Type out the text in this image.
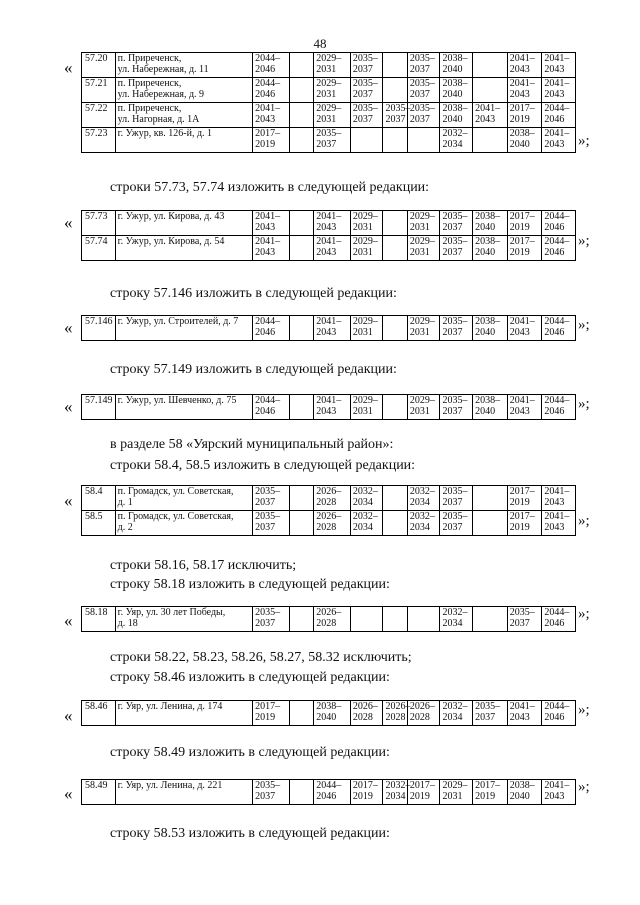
48
« 57.20	п. Приреченск,
ул. Набережная, д. 11	2044–
2046		2029–
2031	2035–
2037		2035–
2037	2038–
2040		2041–
2043	2041–
2043
57.21	п. Приреченск,
ул. Набережная, д. 9	2044–
2046		2029–
2031	2035–
2037		2035–
2037	2038–
2040		2041–
2043	2041–
2043
57.22	п. Приреченск,
ул. Нагорная, д. 1А	2041–
2043		2029–
2031	2035–
2037	2035–
2037	2035–
2037	2038–
2040	2041–
2043	2017–
2019	2044–
2046
57.23	г. Ужур, кв. 126-й, д. 1	2017–
2019		2035–
2037				2032–
2034		2038–
2040	2041–
2043 »;
строки 57.73, 57.74 изложить в следующей редакции:
« 57.73	г. Ужур, ул. Кирова, д. 43	2041–
2043		2041–
2043	2029–
2031		2029–
2031	2035–
2037	2038–
2040	2017–
2019	2044–
2046
57.74	г. Ужур, ул. Кирова, д. 54	2041–
2043		2041–
2043	2029–
2031		2029–
2031	2035–
2037	2038–
2040	2017–
2019	2044–
2046
»;
строку 57.146 изложить в следующей редакции:
« 57.146	г. Ужур, ул. Строителей, д. 7	2044–
2046		2041–
2043	2029–
2031		2029–
2031	2035–
2037	2038–
2040	2041–
2043	2044–
2046 »;
строку 57.149 изложить в следующей редакции:
« 57.149	г. Ужур, ул. Шевченко, д. 75	2044–
2046		2041–
2043	2029–
2031		2029–
2031	2035–
2037	2038–
2040	2041–
2043	2044–
2046 »;
в разделе 58 «Уярский муниципальный район»:
строки 58.4, 58.5 изложить в следующей редакции:
« 58.4	п. Громадск, ул. Советская,
д. 1	2035–
2037		2026–
2028	2032–
2034		2032–
2034	2035–
2037		2017–
2019	2041–
2043
58.5	п. Громадск, ул. Советская,
д. 2	2035–
2037		2026–
2028	2032–
2034		2032–
2034	2035–
2037		2017–
2019	2041–
2043 »;
строки 58.16, 58.17 исключить;
строку 58.18 изложить в следующей редакции:
« 58.18	г. Уяр, ул. 30 лет Победы,
д. 18	2035–
2037		2026–
2028				2032–
2034		2035–
2037	2044–
2046
»;
строки 58.22, 58.23, 58.26, 58.27, 58.32 исключить;
строку 58.46 изложить в следующей редакции:
« 58.46	г. Уяр, ул. Ленина, д. 174	2017–
2019		2038–
2040	2026–
2028	2026–
2028	2026–
2028	2032–
2034	2035–
2037	2041–
2043	2044–
2046 »;
строку 58.49 изложить в следующей редакции:
« 58.49	г. Уяр, ул. Ленина, д. 221	2035–
2037		2044–
2046	2017–
2019	2032–
2034	2017–
2019	2029–
2031	2017–
2019	2038–
2040	2041–
2043
»;
строку 58.53 изложить в следующей редакции:
